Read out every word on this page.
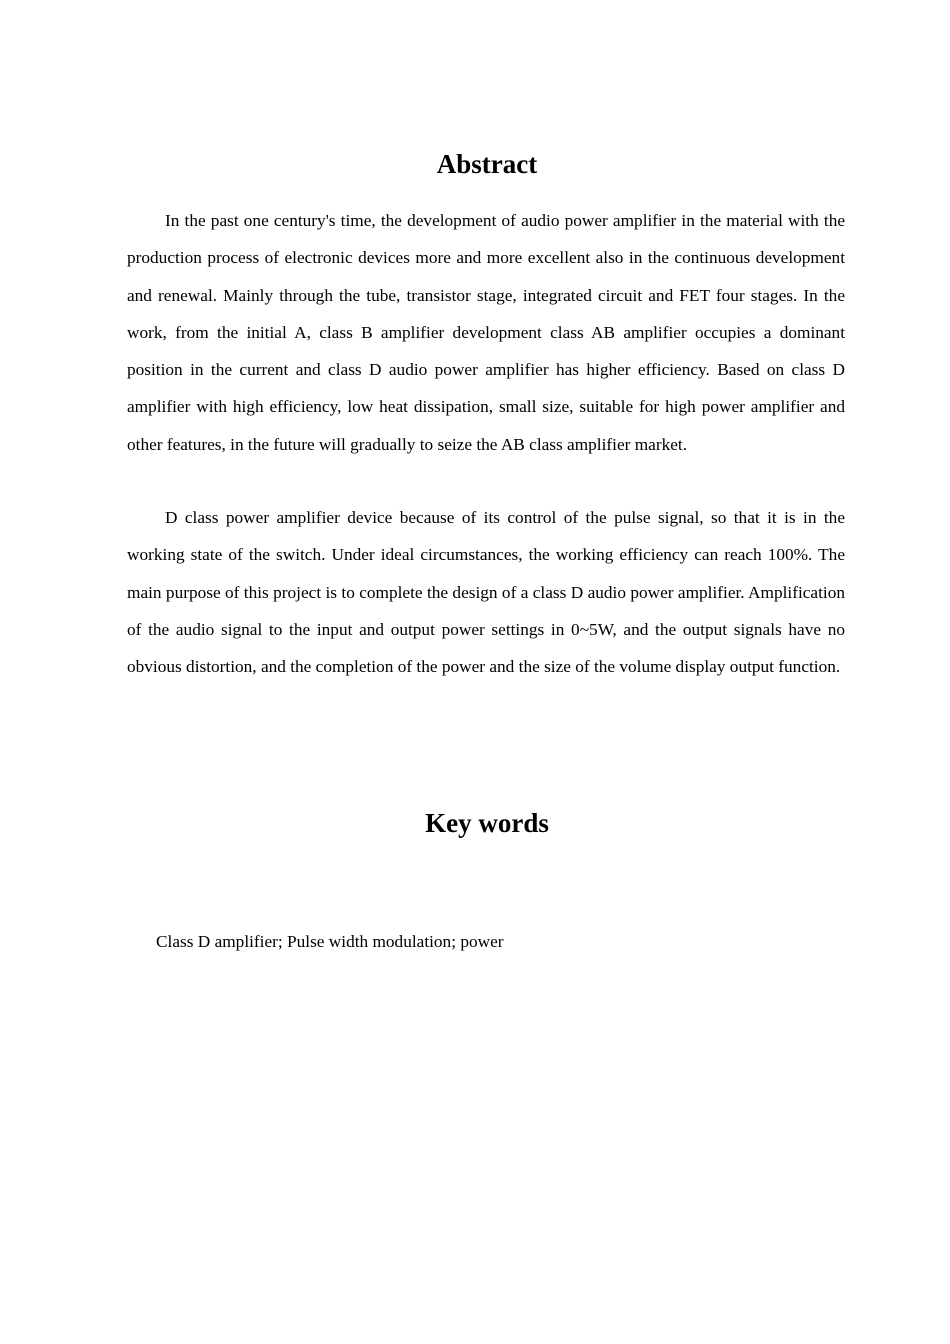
Abstract

In the past one century's time, the development of audio power amplifier in the material with the production process of electronic devices more and more excellent also in the continuous development and renewal. Mainly through the tube, transistor stage, integrated circuit and FET four stages. In the work, from the initial A, class B amplifier development class AB amplifier occupies a dominant position in the current and class D audio power amplifier has higher efficiency. Based on class D amplifier with high efficiency, low heat dissipation, small size, suitable for high power amplifier and other features, in the future will gradually to seize the AB class amplifier market.

D class power amplifier device because of its control of the pulse signal, so that it is in the working state of the switch. Under ideal circumstances, the working efficiency can reach 100%. The main purpose of this project is to complete the design of a class D audio power amplifier. Amplification of the audio signal to the input and output power settings in 0~5W, and the output signals have no obvious distortion, and the completion of the power and the size of the volume display output function.

Key words

Class D amplifier; Pulse width modulation; power
